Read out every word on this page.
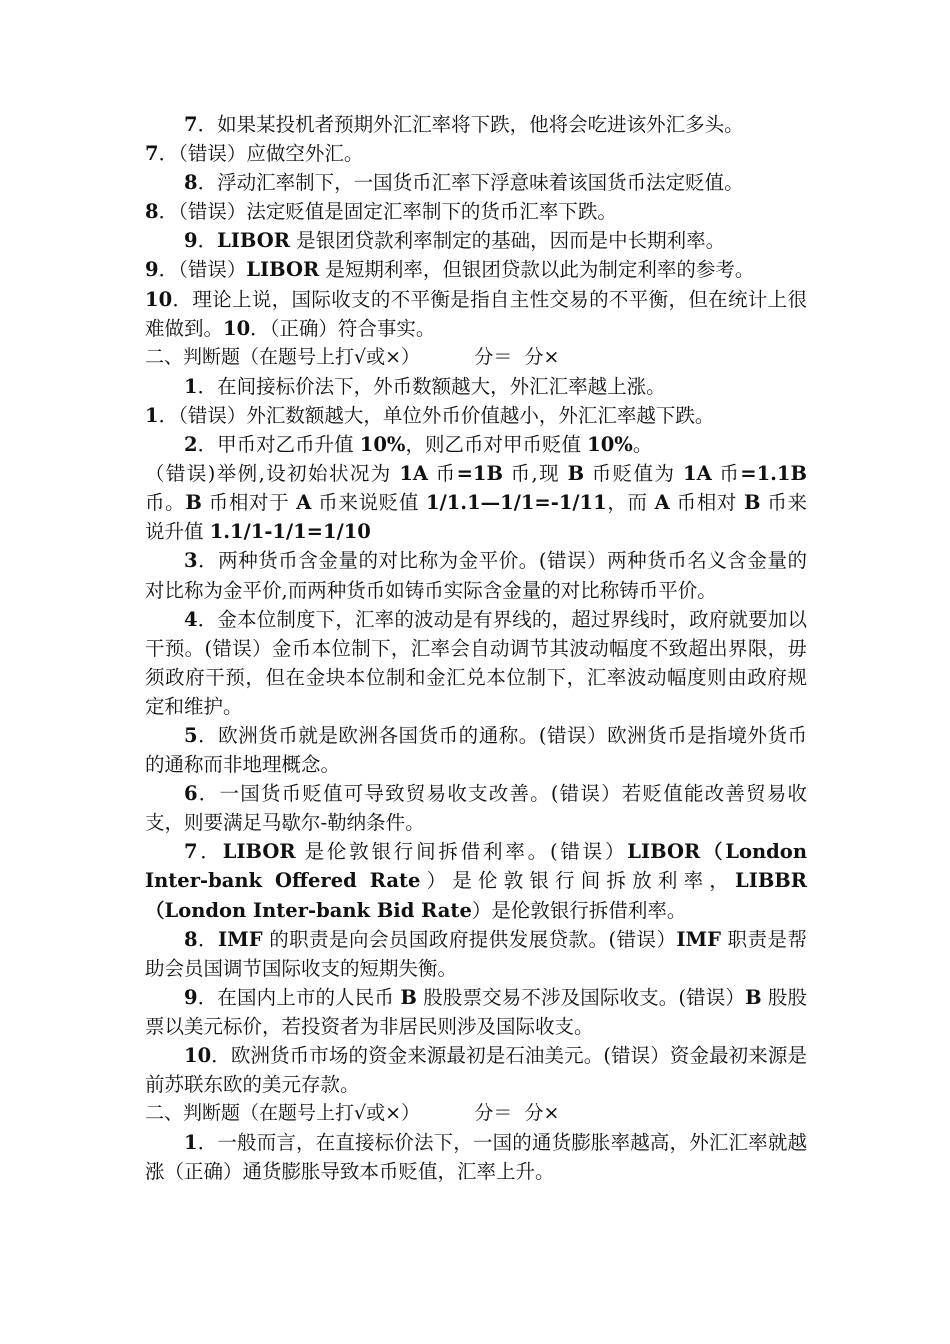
7．如果某投机者预期外汇汇率将下跌，他将会吃进该外汇多头。

7．（错误）应做空外汇。

8．浮动汇率制下，一国货币汇率下浮意味着该国货币法定贬值。

8．（错误）法定贬值是固定汇率制下的货币汇率下跌。

9．LIBOR 是银团贷款利率制定的基础，因而是中长期利率。

9．（错误）LIBOR 是短期利率，但银团贷款以此为制定利率的参考。

10．理论上说，国际收支的不平衡是指自主性交易的不平衡，但在统计上很难做到。10．（正确）符合事实。

二、判断题（在题号上打√或×）         分＝  分×

1．在间接标价法下，外币数额越大，外汇汇率越上涨。

1．（错误）外汇数额越大，单位外币价值越小，外汇汇率越下跌。

2．甲币对乙币升值 10%，则乙币对甲币贬值 10%。

（错误)举例,设初始状况为 1A 币=1B 币,现 B 币贬值为 1A 币=1.1B 币。B 币相对于 A 币来说贬值 1/1.1—1/1=-1/11，而 A 币相对 B 币来说升值 1.1/1-1/1=1/10

3．两种货币含金量的对比称为金平价。(错误）两种货币名义含金量的对比称为金平价,而两种货币如铸币实际含金量的对比称铸币平价。

4．金本位制度下，汇率的波动是有界线的，超过界线时，政府就要加以干预。(错误）金币本位制下，汇率会自动调节其波动幅度不致超出界限，毋须政府干预，但在金块本位制和金汇兑本位制下，汇率波动幅度则由政府规定和维护。

5．欧洲货币就是欧洲各国货币的通称。(错误）欧洲货币是指境外货币的通称而非地理概念。

6．一国货币贬值可导致贸易收支改善。(错误）若贬值能改善贸易收支，则要满足马歇尔-勒纳条件。

7．LIBOR 是伦敦银行间拆借利率。(错误）LIBOR（London Inter-bank Offered Rate）是伦敦银行间拆放利率，LIBBR（London Inter-bank Bid Rate）是伦敦银行拆借利率。

8．IMF 的职责是向会员国政府提供发展贷款。(错误）IMF 职责是帮助会员国调节国际收支的短期失衡。

9．在国内上市的人民币 B 股股票交易不涉及国际收支。(错误）B 股股票以美元标价，若投资者为非居民则涉及国际收支。

10．欧洲货币市场的资金来源最初是石油美元。(错误）资金最初来源是前苏联东欧的美元存款。

二、判断题（在题号上打√或×）         分＝  分×

1．一般而言，在直接标价法下，一国的通货膨胀率越高，外汇汇率就越涨（正确）通货膨胀导致本币贬值，汇率上升。
